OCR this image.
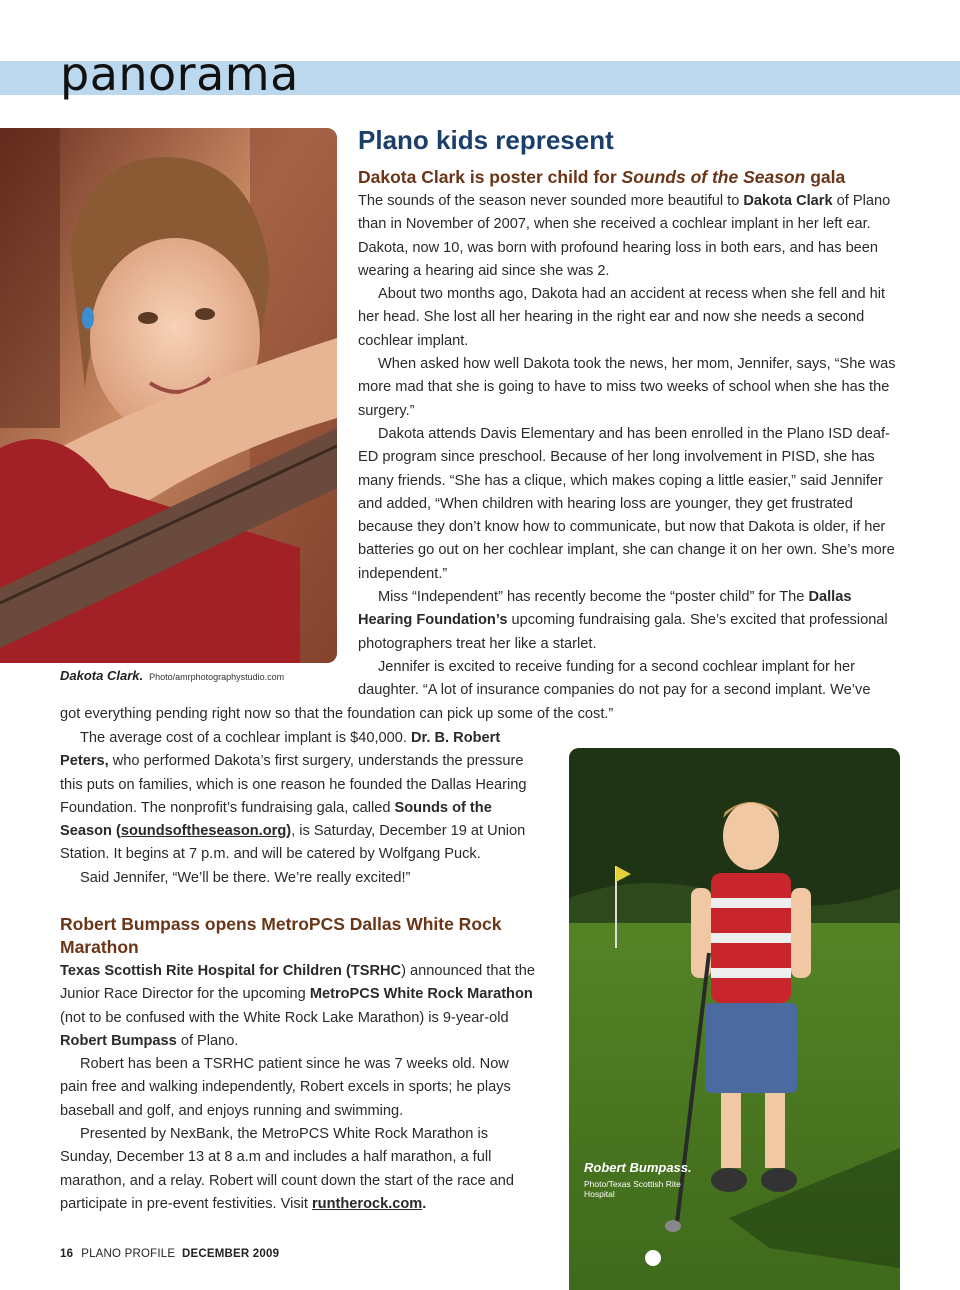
panorama
Dakota Clark. Photo/amrphotographystudio.com
Plano kids represent
Dakota Clark is poster child for Sounds of the Season gala

The sounds of the season never sounded more beautiful to Dakota Clark of Plano than in November of 2007, when she received a cochlear implant in her left ear. Dakota, now 10, was born with profound hearing loss in both ears, and has been wearing a hearing aid since she was 2.

About two months ago, Dakota had an accident at recess when she fell and hit her head. She lost all her hearing in the right ear and now she needs a second cochlear implant.

When asked how well Dakota took the news, her mom, Jennifer, says, “She was more mad that she is going to have to miss two weeks of school when she has the surgery.”

Dakota attends Davis Elementary and has been enrolled in the Plano ISD deaf-ED program since preschool. Because of her long involvement in PISD, she has many friends. “She has a clique, which makes coping a little easier,” said Jennifer and added, “When children with hearing loss are younger, they get frustrated because they don’t know how to communicate, but now that Dakota is older, if her batteries go out on her cochlear implant, she can change it on her own. She’s more independent.”

Miss “Independent” has recently become the “poster child” for The Dallas Hearing Foundation’s upcoming fundraising gala. She’s excited that professional photographers treat her like a starlet.

Jennifer is excited to receive funding for a second cochlear implant for her daughter. “A lot of insurance companies do not pay for a second implant. We’ve

got everything pending right now so that the foundation can pick up some of the cost.”

The average cost of a cochlear implant is $40,000. Dr. B. Robert Peters, who performed Dakota’s first surgery, understands the pressure this puts on families, which is one reason he founded the Dallas Hearing Foundation. The nonprofit’s fundraising gala, called Sounds of the Season (soundsoftheseason.org), is Saturday, December 19 at Union Station. It begins at 7 p.m. and will be catered by Wolfgang Puck.

Said Jennifer, “We’ll be there. We’re really excited!”

Robert Bumpass opens MetroPCS Dallas White Rock Marathon

Texas Scottish Rite Hospital for Children (TSRHC) announced that the Junior Race Director for the upcoming MetroPCS White Rock Marathon (not to be confused with the White Rock Lake Marathon) is 9-year-old Robert Bumpass of Plano.

Robert has been a TSRHC patient since he was 7 weeks old. Now pain free and walking independently, Robert excels in sports; he plays baseball and golf, and enjoys running and swimming.

Presented by NexBank, the MetroPCS White Rock Marathon is Sunday, December 13 at 8 a.m and includes a half marathon, a full marathon, and a relay. Robert will count down the start of the race and participate in pre-event festivities. Visit runtherock.com.

Robert Bumpass.
Photo/Texas Scottish Rite Hospital
16 PLANO PROFILE DECEMBER 2009
